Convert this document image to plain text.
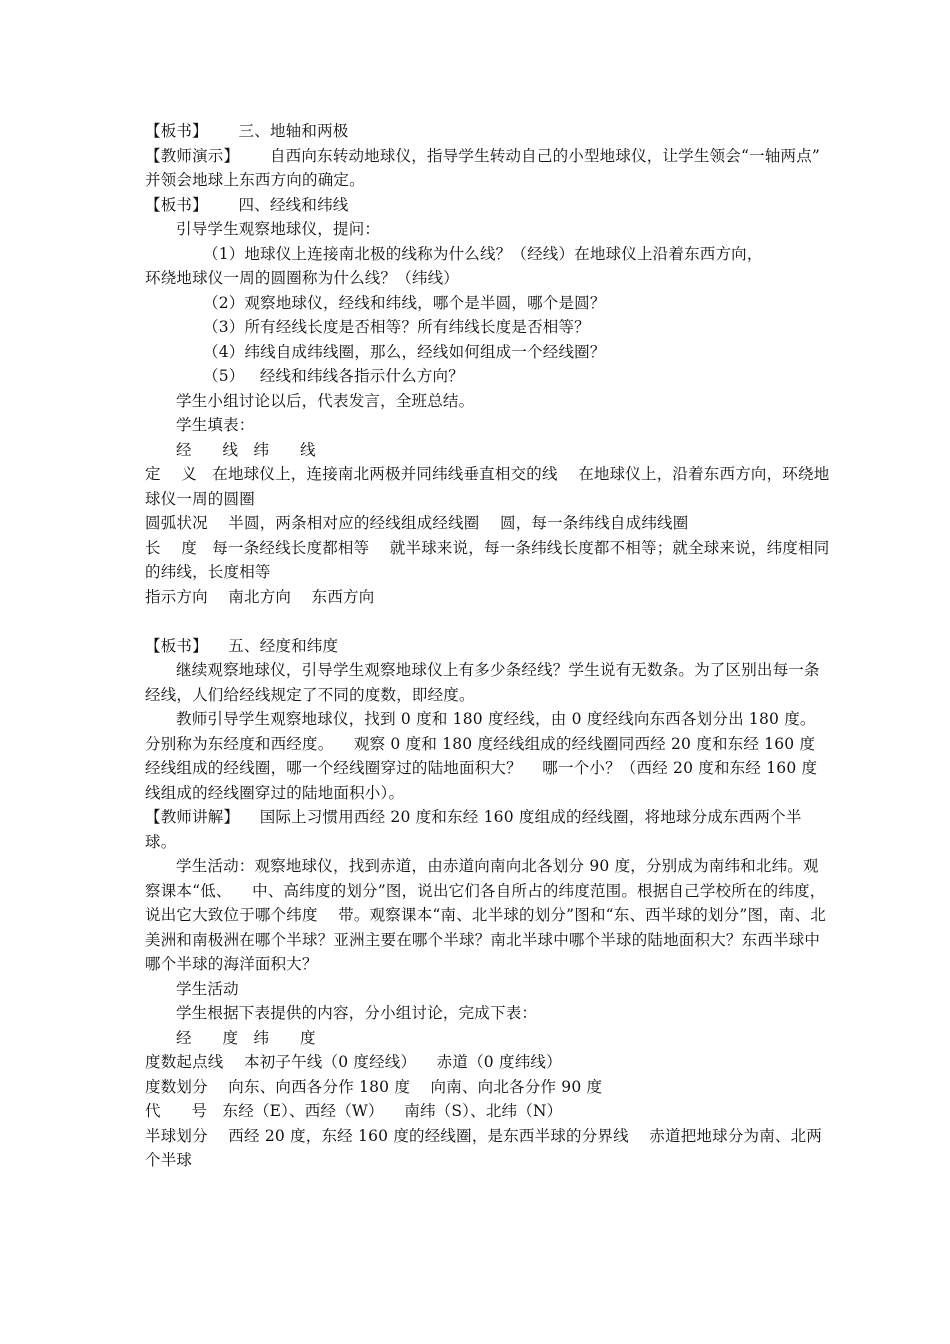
【板书】      三、地轴和两极

【教师演示】      自西向东转动地球仪，指导学生转动自己的小型地球仪，让学生领会“一轴两点”  并领会地球上东西方向的确定。

【板书】      四、经线和纬线

引导学生观察地球仪，提问：

（1）地球仪上连接南北极的线称为什么线？（经线）在地球仪上沿着东西方向，

环绕地球仪一周的圆圈称为什么线？（纬线）

（2）观察地球仪，经线和纬线，哪个是半圆，哪个是圆？

（3）所有经线长度是否相等？所有纬线长度是否相等？

（4）纬线自成纬线圈，那么，经线如何组成一个经线圈？

（5）   经线和纬线各指示什么方向？

学生小组讨论以后，代表发言，全班总结。

学生填表：

经      线   纬      线

定    义   在地球仪上，连接南北两极并同纬线垂直相交的线    在地球仪上，沿着东西方向，环绕地球仪一周的圆圈

圆弧状况    半圆，两条相对应的经线组成经线圈    圆，每一条纬线自成纬线圈

长    度   每一条经线长度都相等    就半球来说，每一条纬线长度都不相等；就全球来说，纬度相同的纬线，长度相等

指示方向    南北方向    东西方向

【板书】    五、经度和纬度

继续观察地球仪，引导学生观察地球仪上有多少条经线？学生说有无数条。为了区别出每一条经线，人们给经线规定了不同的度数，即经度。

教师引导学生观察地球仪，找到 0 度和 180 度经线，由 0 度经线向东西各划分出 180 度。分别称为东经度和西经度。    观察 0 度和 180 度经线组成的经线圈同西经 20 度和东经 160 度经线组成的经线圈，哪一个经线圈穿过的陆地面积大？    哪一个小？（西经 20 度和东经 160 度线组成的经线圈穿过的陆地面积小）。

【教师讲解】    国际上习惯用西经 20 度和东经 160 度组成的经线圈，将地球分成东西两个半球。

学生活动：观察地球仪，找到赤道，由赤道向南向北各划分 90 度，分别成为南纬和北纬。观察课本“低、    中、高纬度的划分”图，说出它们各自所占的纬度范围。根据自己学校所在的纬度，说出它大致位于哪个纬度    带。观察课本“南、北半球的划分”图和“东、西半球的划分”图，南、北美洲和南极洲在哪个半球？亚洲主要在哪个半球？南北半球中哪个半球的陆地面积大？东西半球中哪个半球的海洋面积大？

学生活动

学生根据下表提供的内容，分小组讨论，完成下表：

经      度   纬      度

度数起点线    本初子午线（0 度经线）    赤道（0 度纬线）

度数划分    向东、向西各分作 180 度    向南、向北各分作 90 度

代      号   东经（E）、西经（W）    南纬（S）、北纬（N）

半球划分    西经 20 度，东经 160 度的经线圈，是东西半球的分界线    赤道把地球分为南、北两个半球
